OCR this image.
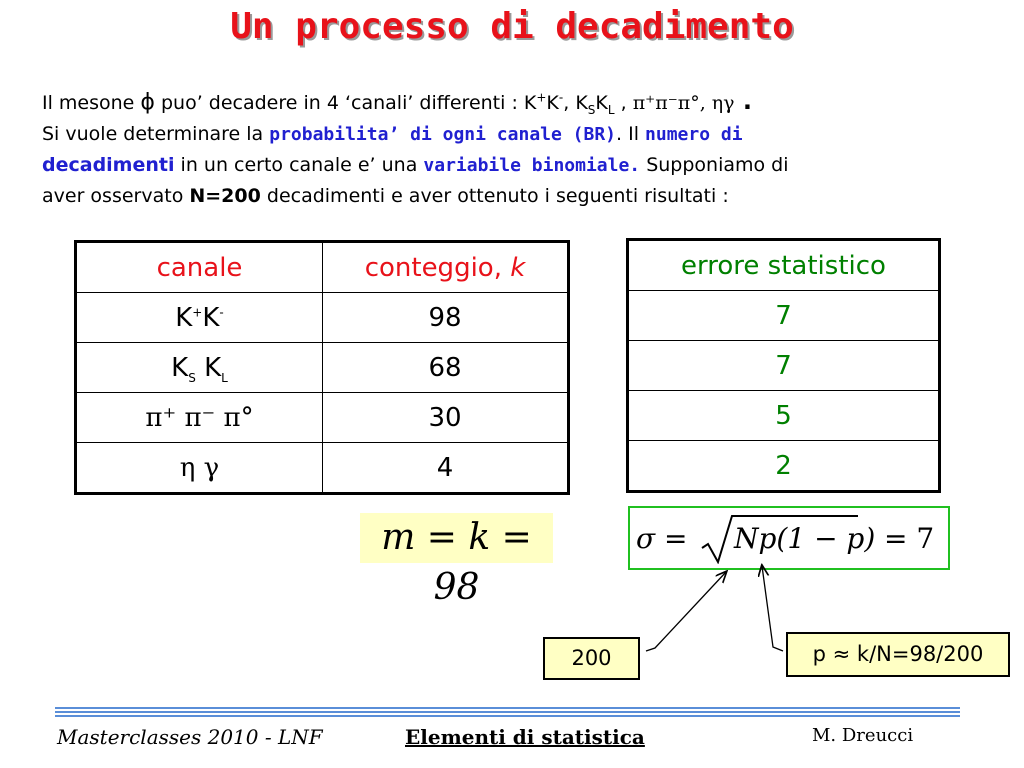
Un processo di decadimento
Il mesone ϕ puo’ decadere in 4 ‘canali’ differenti : K+K-, $K_SK_L$ , π⁺π⁻π°, ηγ .
Si vuole determinare la probabilita’ di ogni canale (BR). Il numero di
decadimenti in un certo canale e’ una variabile binomiale. Supponiamo di
aver osservato N=200 decadimenti e aver ottenuto i seguenti risultati :
canale	conteggio, k
K+K-	98
$K_S$ $K_L$	68
π⁺ π⁻ π°	30
η γ	4
errore statistico
7
7
5
2
m = k = 98
σ = Np(1 − p) = 7
200	p ≈ k/N=98/200
Masterclasses 2010 - LNF	Elementi di statistica	M. Dreucci
